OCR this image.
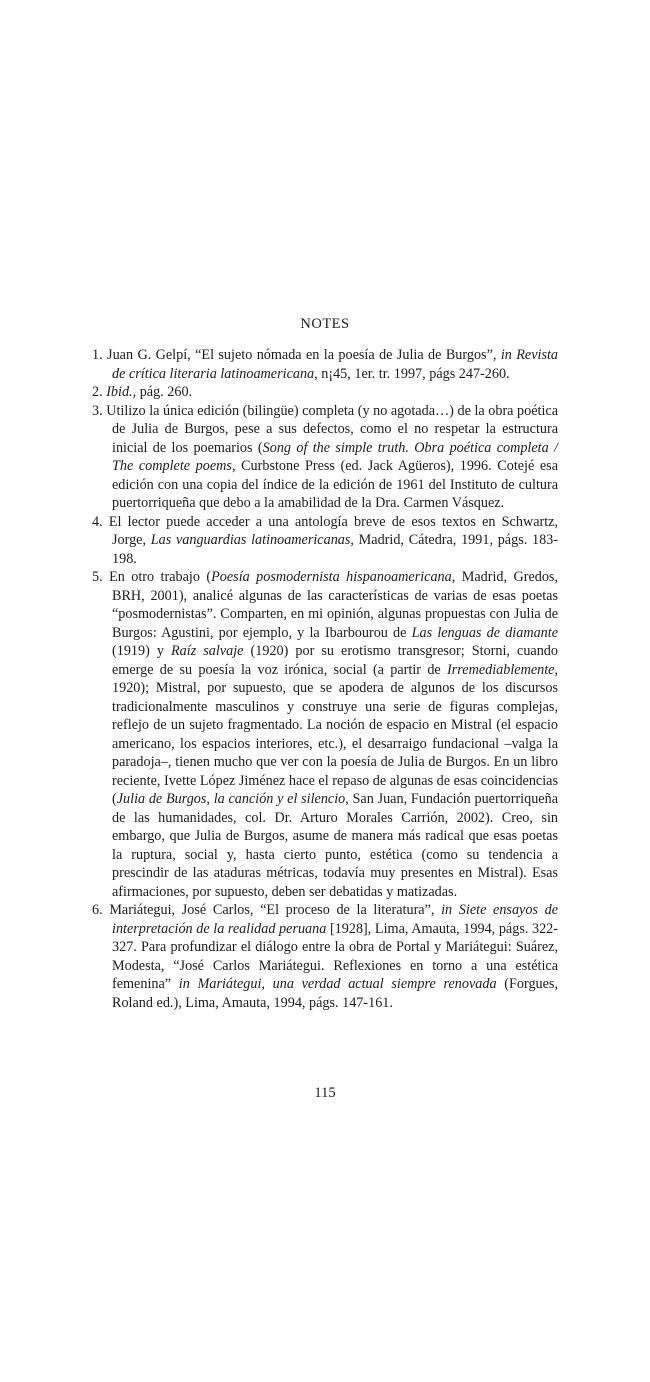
NOTES
1. Juan G. Gelpí, “El sujeto nómada en la poesía de Julia de Burgos”, in Revista de crítica literaria latinoamericana, n¡45, 1er. tr. 1997, págs 247-260.
2. Ibid., pág. 260.
3. Utilizo la única edición (bilingüe) completa (y no agotada…) de la obra poética de Julia de Burgos, pese a sus defectos, como el no respetar la estructura inicial de los poemarios (Song of the simple truth. Obra poética completa / The complete poems, Curbstone Press (ed. Jack Agüeros), 1996. Cotejé esa edición con una copia del índice de la edición de 1961 del Instituto de cultura puertorriqueña que debo a la amabilidad de la Dra. Carmen Vásquez.
4. El lector puede acceder a una antología breve de esos textos en Schwartz, Jorge, Las vanguardias latinoamericanas, Madrid, Cátedra, 1991, págs. 183-198.
5. En otro trabajo (Poesía posmodernista hispanoamericana, Madrid, Gredos, BRH, 2001), analicé algunas de las características de varias de esas poetas “posmodernistas”. Comparten, en mi opinión, algunas propuestas con Julia de Burgos: Agustini, por ejemplo, y la Ibarbourou de Las lenguas de diamante (1919) y Raíz salvaje (1920) por su erotismo transgresor; Storni, cuando emerge de su poesía la voz irónica, social (a partir de Irremediablemente, 1920); Mistral, por supuesto, que se apodera de algunos de los discursos tradicionalmente masculinos y construye una serie de figuras complejas, reflejo de un sujeto fragmentado. La noción de espacio en Mistral (el espacio americano, los espacios interiores, etc.), el desarraigo fundacional –valga la paradoja–, tienen mucho que ver con la poesía de Julia de Burgos. En un libro reciente, Ivette López Jiménez hace el repaso de algunas de esas coincidencias (Julia de Burgos, la canción y el silencio, San Juan, Fundación puertorriqueña de las humanidades, col. Dr. Arturo Morales Carrión, 2002). Creo, sin embargo, que Julia de Burgos, asume de manera más radical que esas poetas la ruptura, social y, hasta cierto punto, estética (como su tendencia a prescindir de las ataduras métricas, todavía muy presentes en Mistral). Esas afirmaciones, por supuesto, deben ser debatidas y matizadas.
6. Mariátegui, José Carlos, “El proceso de la literatura”, in Siete ensayos de interpretación de la realidad peruana [1928], Lima, Amauta, 1994, págs. 322-327. Para profundizar el diálogo entre la obra de Portal y Mariátegui: Suárez, Modesta, “José Carlos Mariátegui. Reflexiones en torno a una estética femenina” in Mariátegui, una verdad actual siempre renovada (Forgues, Roland ed.), Lima, Amauta, 1994, págs. 147-161.
115
